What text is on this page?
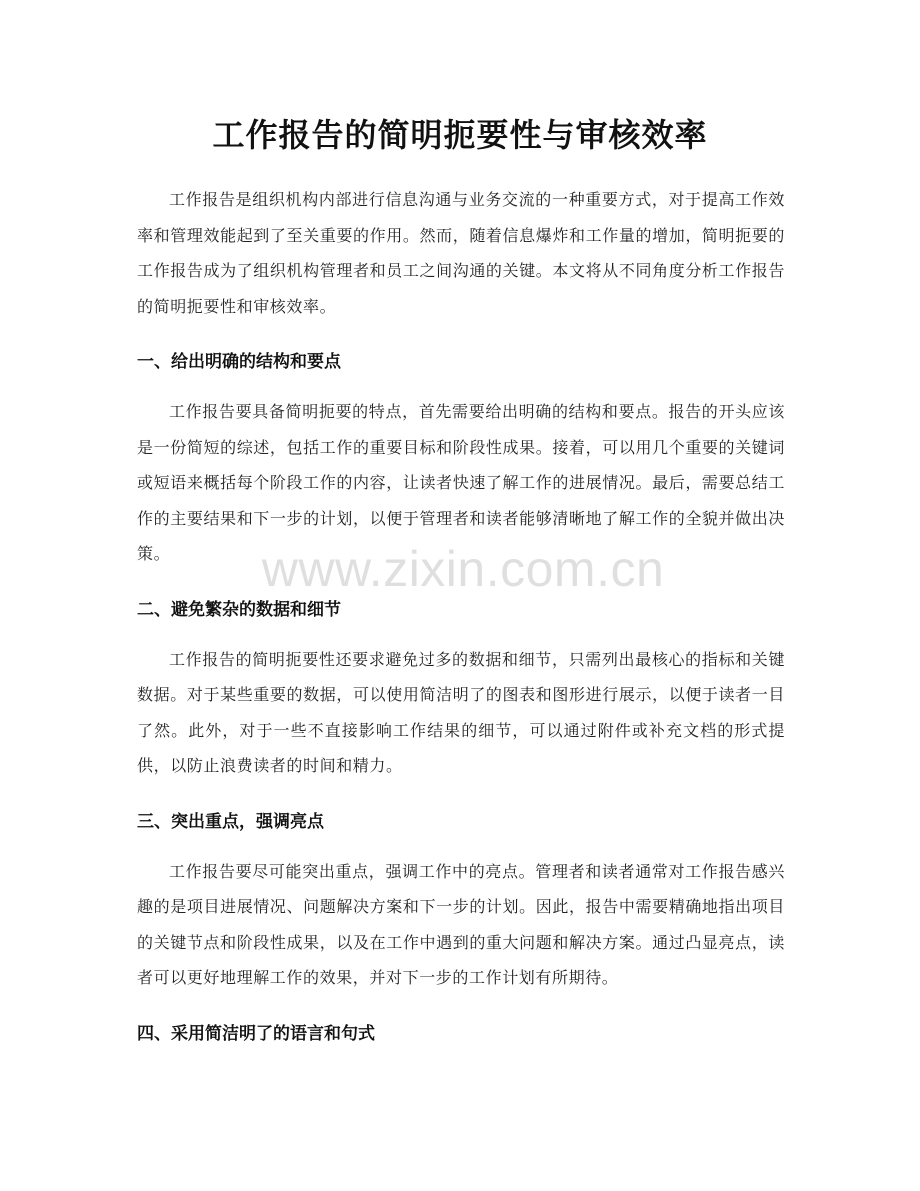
工作报告的简明扼要性与审核效率

工作报告是组织机构内部进行信息沟通与业务交流的一种重要方式，对于提高工作效率和管理效能起到了至关重要的作用。然而，随着信息爆炸和工作量的增加，简明扼要的工作报告成为了组织机构管理者和员工之间沟通的关键。本文将从不同角度分析工作报告的简明扼要性和审核效率。

一、给出明确的结构和要点

工作报告要具备简明扼要的特点，首先需要给出明确的结构和要点。报告的开头应该是一份简短的综述，包括工作的重要目标和阶段性成果。接着，可以用几个重要的关键词或短语来概括每个阶段工作的内容，让读者快速了解工作的进展情况。最后，需要总结工作的主要结果和下一步的计划，以便于管理者和读者能够清晰地了解工作的全貌并做出决策。

二、避免繁杂的数据和细节

工作报告的简明扼要性还要求避免过多的数据和细节，只需列出最核心的指标和关键数据。对于某些重要的数据，可以使用简洁明了的图表和图形进行展示，以便于读者一目了然。此外，对于一些不直接影响工作结果的细节，可以通过附件或补充文档的形式提供，以防止浪费读者的时间和精力。

三、突出重点，强调亮点

工作报告要尽可能突出重点，强调工作中的亮点。管理者和读者通常对工作报告感兴趣的是项目进展情况、问题解决方案和下一步的计划。因此，报告中需要精确地指出项目的关键节点和阶段性成果，以及在工作中遇到的重大问题和解决方案。通过凸显亮点，读者可以更好地理解工作的效果，并对下一步的工作计划有所期待。

四、采用简洁明了的语言和句式
www.zixin.com.cn
